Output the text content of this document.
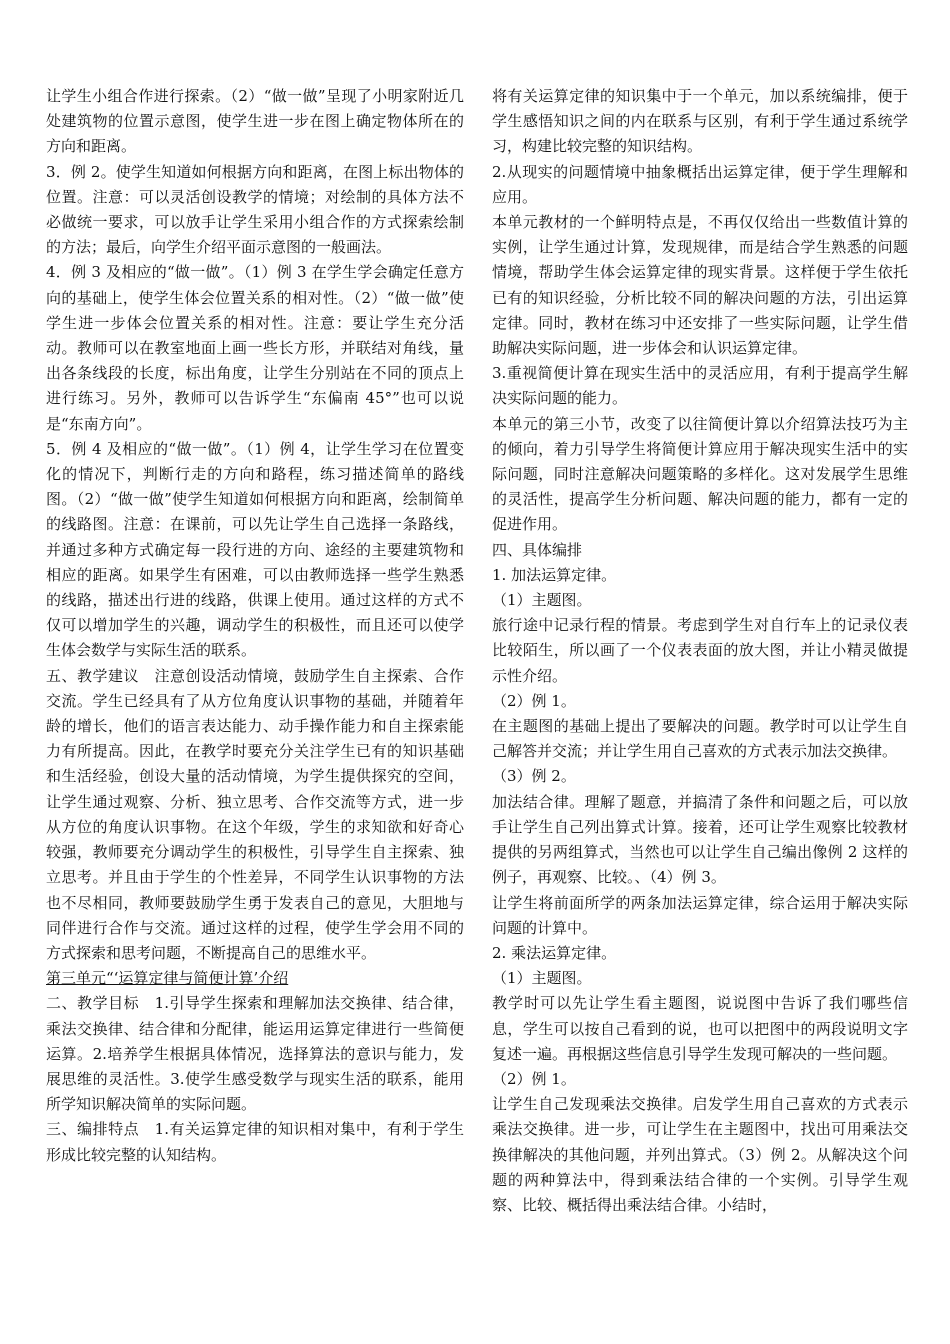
让学生小组合作进行探索。（2）“做一做”呈现了小明家附近几处建筑物的位置示意图，使学生进一步在图上确定物体所在的方向和距离。

3．例 2。使学生知道如何根据方向和距离，在图上标出物体的位置。注意：可以灵活创设教学的情境；对绘制的具体方法不必做统一要求，可以放手让学生采用小组合作的方式探索绘制的方法；最后，向学生介绍平面示意图的一般画法。

4．例 3 及相应的“做一做”。（1）例 3 在学生学会确定任意方向的基础上，使学生体会位置关系的相对性。（2）“做一做”使学生进一步体会位置关系的相对性。注意：要让学生充分活动。教师可以在教室地面上画一些长方形，并联结对角线，量出各条线段的长度，标出角度，让学生分别站在不同的顶点上进行练习。另外，教师可以告诉学生“东偏南 45°”也可以说是“东南方向”。

5．例 4 及相应的“做一做”。（1）例 4，让学生学习在位置变化的情况下，判断行走的方向和路程，练习描述简单的路线图。（2）“做一做”使学生知道如何根据方向和距离，绘制简单的线路图。注意：在课前，可以先让学生自己选择一条路线，并通过多种方式确定每一段行进的方向、途经的主要建筑物和相应的距离。如果学生有困难，可以由教师选择一些学生熟悉的线路，描述出行进的线路，供课上使用。通过这样的方式不仅可以增加学生的兴趣，调动学生的积极性，而且还可以使学生体会数学与实际生活的联系。

五、教学建议　注意创设活动情境，鼓励学生自主探索、合作交流。学生已经具有了从方位角度认识事物的基础，并随着年龄的增长，他们的语言表达能力、动手操作能力和自主探索能力有所提高。因此，在教学时要充分关注学生已有的知识基础和生活经验，创设大量的活动情境，为学生提供探究的空间，让学生通过观察、分析、独立思考、合作交流等方式，进一步从方位的角度认识事物。在这个年级，学生的求知欲和好奇心较强，教师要充分调动学生的积极性，引导学生自主探索、独立思考。并且由于学生的个性差异，不同学生认识事物的方法也不尽相同，教师要鼓励学生勇于发表自己的意见，大胆地与同伴进行合作与交流。通过这样的过程，使学生学会用不同的方式探索和思考问题，不断提高自己的思维水平。

第三单元“‘运算定律与简便计算’介绍

二、教学目标　1.引导学生探索和理解加法交换律、结合律，乘法交换律、结合律和分配律，能运用运算定律进行一些简便运算。2.培养学生根据具体情况，选择算法的意识与能力，发展思维的灵活性。3.使学生感受数学与现实生活的联系，能用所学知识解决简单的实际问题。

三、编排特点　1.有关运算定律的知识相对集中，有利于学生形成比较完整的认知结构。

将有关运算定律的知识集中于一个单元，加以系统编排，便于学生感悟知识之间的内在联系与区别，有利于学生通过系统学习，构建比较完整的知识结构。

2.从现实的问题情境中抽象概括出运算定律，便于学生理解和应用。

本单元教材的一个鲜明特点是，不再仅仅给出一些数值计算的实例，让学生通过计算，发现规律，而是结合学生熟悉的问题情境，帮助学生体会运算定律的现实背景。这样便于学生依托已有的知识经验，分析比较不同的解决问题的方法，引出运算定律。同时，教材在练习中还安排了一些实际问题，让学生借助解决实际问题，进一步体会和认识运算定律。

3.重视简便计算在现实生活中的灵活应用，有利于提高学生解决实际问题的能力。

本单元的第三小节，改变了以往简便计算以介绍算法技巧为主的倾向，着力引导学生将简便计算应用于解决现实生活中的实际问题，同时注意解决问题策略的多样化。这对发展学生思维的灵活性，提高学生分析问题、解决问题的能力，都有一定的促进作用。

四、具体编排

1. 加法运算定律。

（1）主题图。

旅行途中记录行程的情景。考虑到学生对自行车上的记录仪表比较陌生，所以画了一个仪表表面的放大图，并让小精灵做提示性介绍。

（2）例 1。

在主题图的基础上提出了要解决的问题。教学时可以让学生自己解答并交流；并让学生用自己喜欢的方式表示加法交换律。

（3）例 2。

加法结合律。理解了题意，并搞清了条件和问题之后，可以放手让学生自己列出算式计算。接着，还可让学生观察比较教材提供的另两组算式，当然也可以让学生自己编出像例 2 这样的例子，再观察、比较。、（4）例 3。

让学生将前面所学的两条加法运算定律，综合运用于解决实际问题的计算中。

2. 乘法运算定律。

（1）主题图。

教学时可以先让学生看主题图，说说图中告诉了我们哪些信息，学生可以按自己看到的说，也可以把图中的两段说明文字复述一遍。再根据这些信息引导学生发现可解决的一些问题。

（2）例 1。

让学生自己发现乘法交换律。启发学生用自己喜欢的方式表示乘法交换律。进一步，可让学生在主题图中，找出可用乘法交换律解决的其他问题，并列出算式。（3）例 2。从解决这个问题的两种算法中，得到乘法结合律的一个实例。引导学生观察、比较、概括得出乘法结合律。小结时，
